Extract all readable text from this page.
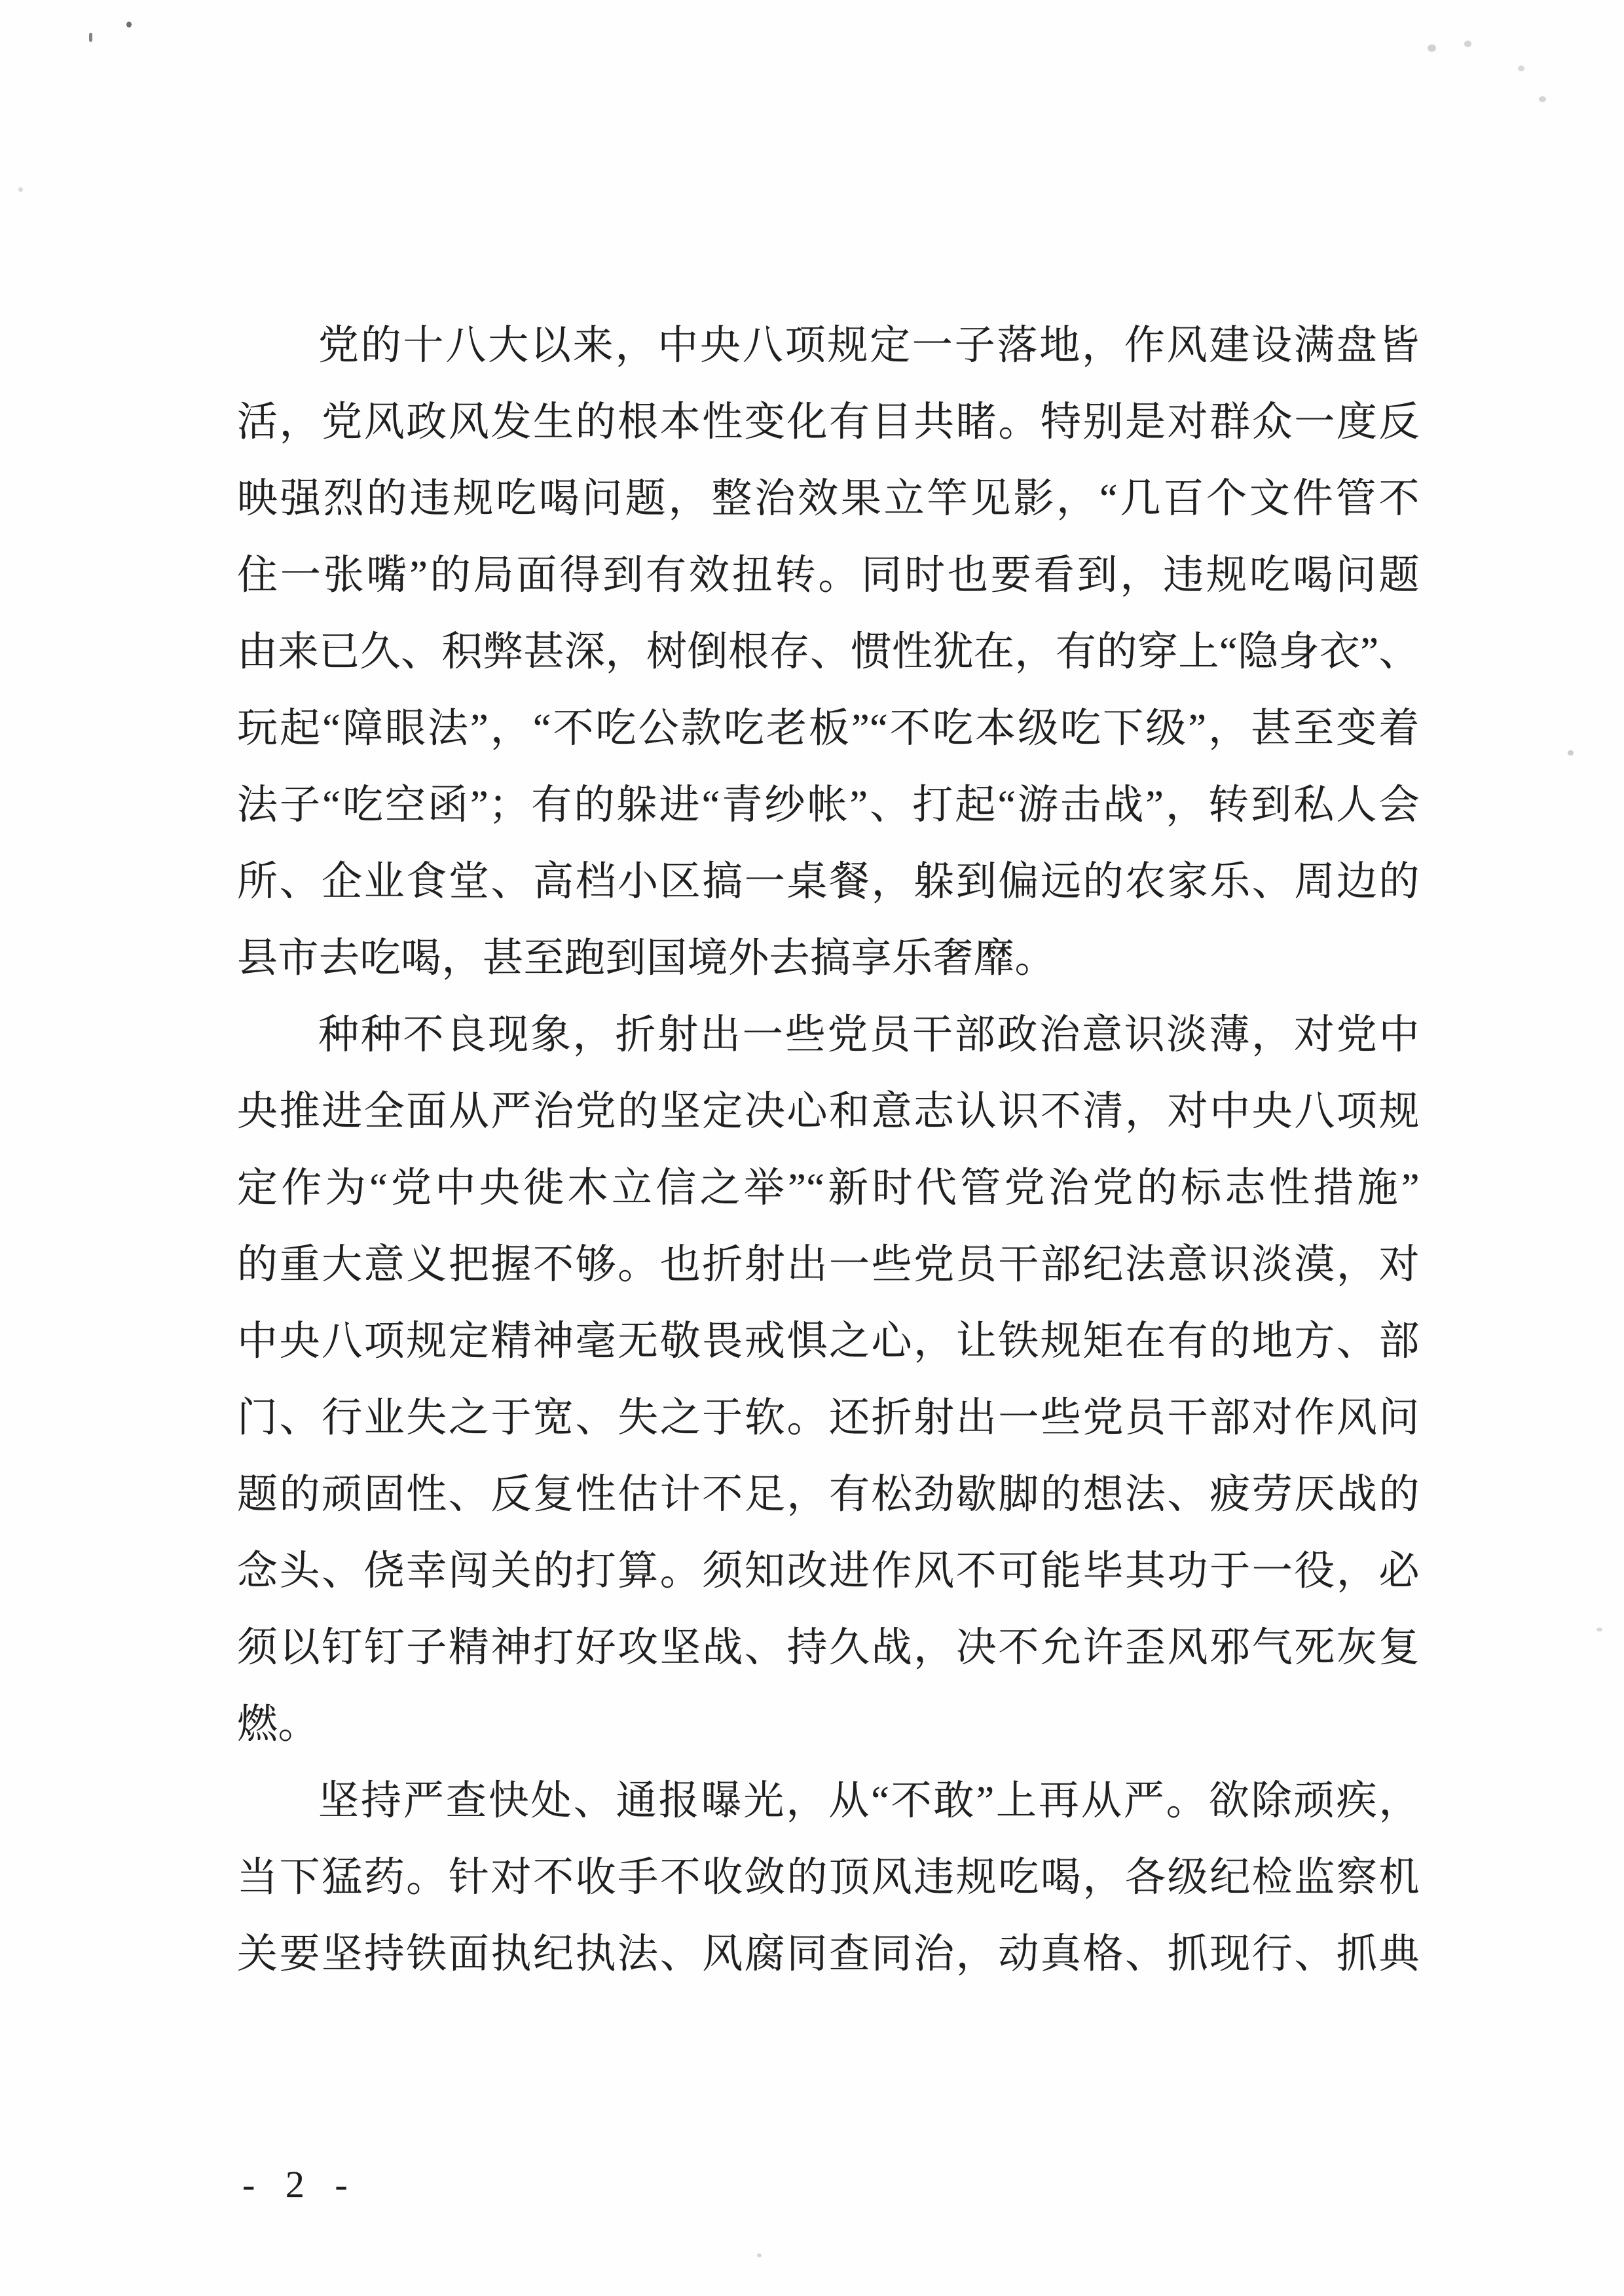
党的十八大以来，中央八项规定一子落地，作风建设满盘皆
活，党风政风发生的根本性变化有目共睹。特别是对群众一度反
映强烈的违规吃喝问题，整治效果立竿见影，“几百个文件管不
住一张嘴”的局面得到有效扭转。同时也要看到，违规吃喝问题
由来已久、积弊甚深，树倒根存、惯性犹在，有的穿上“隐身衣”、
玩起“障眼法”，“不吃公款吃老板”“不吃本级吃下级”，甚至变着
法子“吃空函”；有的躲进“青纱帐”、打起“游击战”，转到私人会
所、企业食堂、高档小区搞一桌餐，躲到偏远的农家乐、周边的
县市去吃喝，甚至跑到国境外去搞享乐奢靡。
种种不良现象，折射出一些党员干部政治意识淡薄，对党中
央推进全面从严治党的坚定决心和意志认识不清，对中央八项规
定作为“党中央徙木立信之举”“新时代管党治党的标志性措施”
的重大意义把握不够。也折射出一些党员干部纪法意识淡漠，对
中央八项规定精神毫无敬畏戒惧之心，让铁规矩在有的地方、部
门、行业失之于宽、失之于软。还折射出一些党员干部对作风问
题的顽固性、反复性估计不足，有松劲歇脚的想法、疲劳厌战的
念头、侥幸闯关的打算。须知改进作风不可能毕其功于一役，必
须以钉钉子精神打好攻坚战、持久战，决不允许歪风邪气死灰复
燃。
坚持严查快处、通报曝光，从“不敢”上再从严。欲除顽疾，
当下猛药。针对不收手不收敛的顶风违规吃喝，各级纪检监察机
关要坚持铁面执纪执法、风腐同查同治，动真格、抓现行、抓典
- 2 -
